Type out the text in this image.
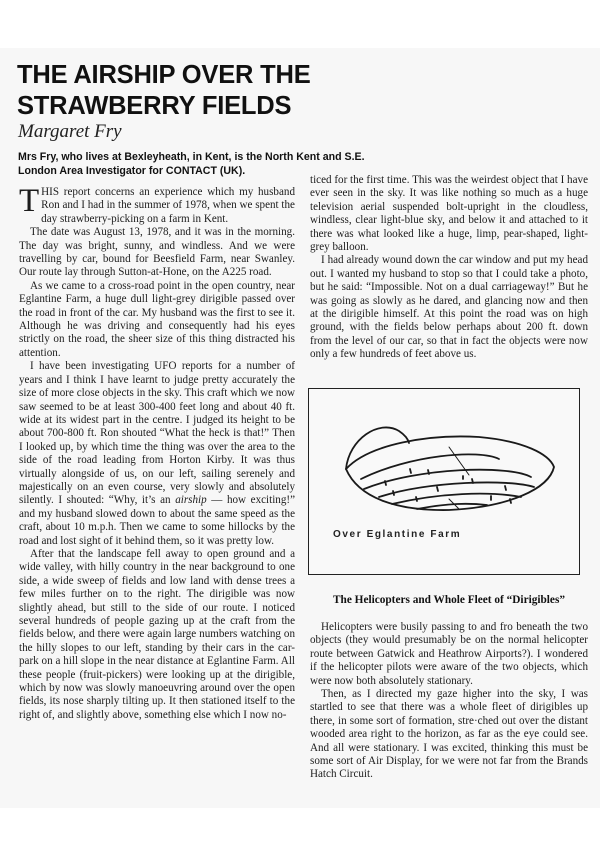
THE AIRSHIP OVER THE
STRAWBERRY FIELDS
Margaret Fry
Mrs Fry, who lives at Bexleyheath, in Kent, is the North Kent and S.E.
London Area Investigator for CONTACT (UK).

THIS report concerns an experience which my husband Ron and I had in the summer of 1978, when we spent the day strawberry-picking on a farm in Kent.

The date was August 13, 1978, and it was in the morning. The day was bright, sunny, and windless. And we were travelling by car, bound for Beesfield Farm, near Swanley. Our route lay through Sutton-at-Hone, on the A225 road.

As we came to a cross-road point in the open country, near Eglantine Farm, a huge dull light-grey dirigible passed over the road in front of the car. My husband was the first to see it. Although he was driving and consequently had his eyes strictly on the road, the sheer size of this thing distracted his attention.

I have been investigating UFO reports for a number of years and I think I have learnt to judge pretty accurately the size of more close objects in the sky. This craft which we now saw seemed to be at least 300-400 feet long and about 40 ft. wide at its widest part in the centre. I judged its height to be about 700-800 ft. Ron shouted “What the heck is that!” Then I looked up, by which time the thing was over the area to the side of the road leading from Horton Kirby. It was thus virtually alongside of us, on our left, sailing serenely and majestically on an even course, very slowly and absolutely silently. I shouted: “Why, it’s an airship — how exciting!” and my husband slowed down to about the same speed as the craft, about 10 m.p.h. Then we came to some hillocks by the road and lost sight of it behind them, so it was pretty low.

After that the landscape fell away to open ground and a wide valley, with hilly country in the near background to one side, a wide sweep of fields and low land with dense trees a few miles further on to the right. The dirigible was now slightly ahead, but still to the side of our route. I noticed several hundreds of people gazing up at the craft from the fields below, and there were again large numbers watching on the hilly slopes to our left, standing by their cars in the car-park on a hill slope in the near distance at Eglantine Farm. All these people (fruit-pickers) were looking up at the dirigible, which by now was slowly manoeuvring around over the open fields, its nose sharply tilting up. It then stationed itself to the right of, and slightly above, something else which I now no-

ticed for the first time. This was the weirdest object that I have ever seen in the sky. It was like nothing so much as a huge television aerial suspended bolt-upright in the cloudless, windless, clear light-blue sky, and below it and attached to it there was what looked like a huge, limp, pear-shaped, light-grey balloon.

I had already wound down the car window and put my head out. I wanted my husband to stop so that I could take a photo, but he said: “Impossible. Not on a dual carriageway!” But he was going as slowly as he dared, and glancing now and then at the dirigible himself. At this point the road was on high ground, with the fields below perhaps about 200 ft. down from the level of our car, so that in fact the objects were now only a few hundreds of feet above us.

Over Eglantine Farm
The Helicopters and Whole Fleet of “Dirigibles”

Helicopters were busily passing to and fro beneath the two objects (they would presumably be on the normal helicopter route between Gatwick and Heathrow Airports?). I wondered if the helicopter pilots were aware of the two objects, which were now both absolutely stationary.

Then, as I directed my gaze higher into the sky, I was startled to see that there was a whole fleet of dirigibles up there, in some sort of formation, stre·ched out over the distant wooded area right to the horizon, as far as the eye could see. And all were stationary. I was excited, thinking this must be some sort of Air Display, for we were not far from the Brands Hatch Circuit.
